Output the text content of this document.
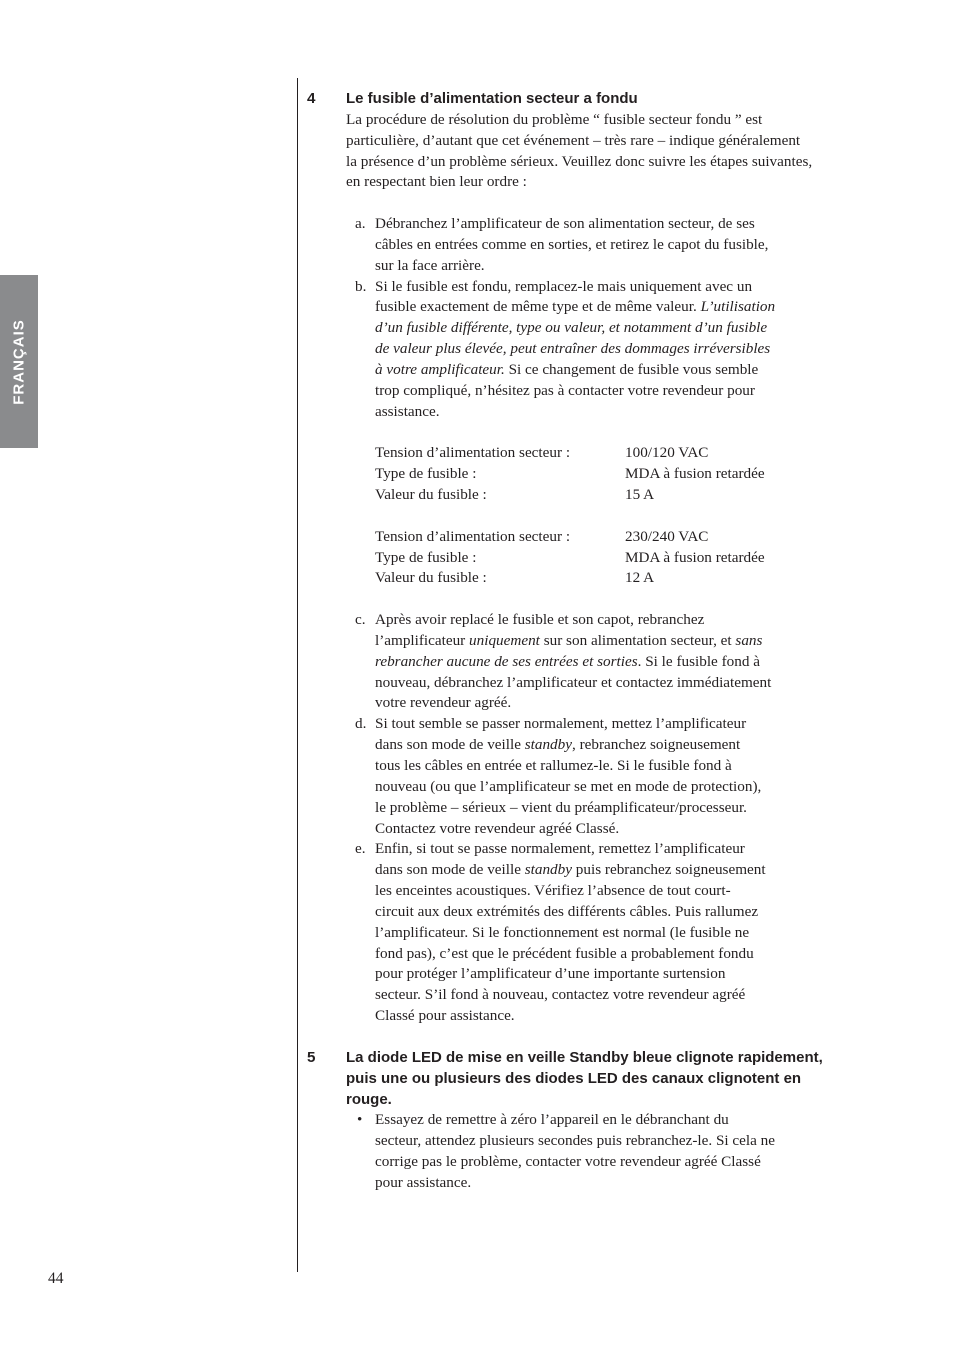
FRANÇAIS
4 Le fusible d’alimentation secteur a fondu
La procédure de résolution du problème “ fusible secteur fondu ” est
particulière, d’autant que cet événement – très rare – indique généralement
la présence d’un problème sérieux. Veuillez donc suivre les étapes suivantes,
en respectant bien leur ordre :
a. Débranchez l’amplificateur de son alimentation secteur, de ses
câbles en entrées comme en sorties, et retirez le capot du fusible,
sur la face arrière.
b. Si le fusible est fondu, remplacez-le mais uniquement avec un
fusible exactement de même type et de même valeur. L’utilisation
d’un fusible différente, type ou valeur, et notamment d’un fusible
de valeur plus élevée, peut entraîner des dommages irréversibles
à votre amplificateur. Si ce changement de fusible vous semble
trop compliqué, n’hésitez pas à contacter votre revendeur pour
assistance.
Tension d’alimentation secteur :	100/120 VAC
Type de fusible :	MDA à fusion retardée
Valeur du fusible :	15 A
Tension d’alimentation secteur :	230/240 VAC
Type de fusible :	MDA à fusion retardée
Valeur du fusible :	12 A
c. Après avoir replacé le fusible et son capot, rebranchez
l’amplificateur uniquement sur son alimentation secteur, et sans
rebrancher aucune de ses entrées et sorties. Si le fusible fond à
nouveau, débranchez l’amplificateur et contactez immédiatement
votre revendeur agréé.
d. Si tout semble se passer normalement, mettez l’amplificateur
dans son mode de veille standby, rebranchez soigneusement
tous les câbles en entrée et rallumez-le. Si le fusible fond à
nouveau (ou que l’amplificateur se met en mode de protection),
le problème – sérieux – vient du préamplificateur/processeur.
Contactez votre revendeur agréé Classé.
e. Enfin, si tout se passe normalement, remettez l’amplificateur
dans son mode de veille standby puis rebranchez soigneusement
les enceintes acoustiques. Vérifiez l’absence de tout court-
circuit aux deux extrémités des différents câbles. Puis rallumez
l’amplificateur. Si le fonctionnement est normal (le fusible ne
fond pas), c’est que le précédent fusible a probablement fondu
pour protéger l’amplificateur d’une importante surtension
secteur. S’il fond à nouveau, contactez votre revendeur agréé
Classé pour assistance.
5 La diode LED de mise en veille Standby bleue clignote rapidement,
puis une ou plusieurs des diodes LED des canaux clignotent en
rouge.
• Essayez de remettre à zéro l’appareil en le débranchant du
secteur, attendez plusieurs secondes puis rebranchez-le. Si cela ne
corrige pas le problème, contacter votre revendeur agréé Classé
pour assistance.
44
